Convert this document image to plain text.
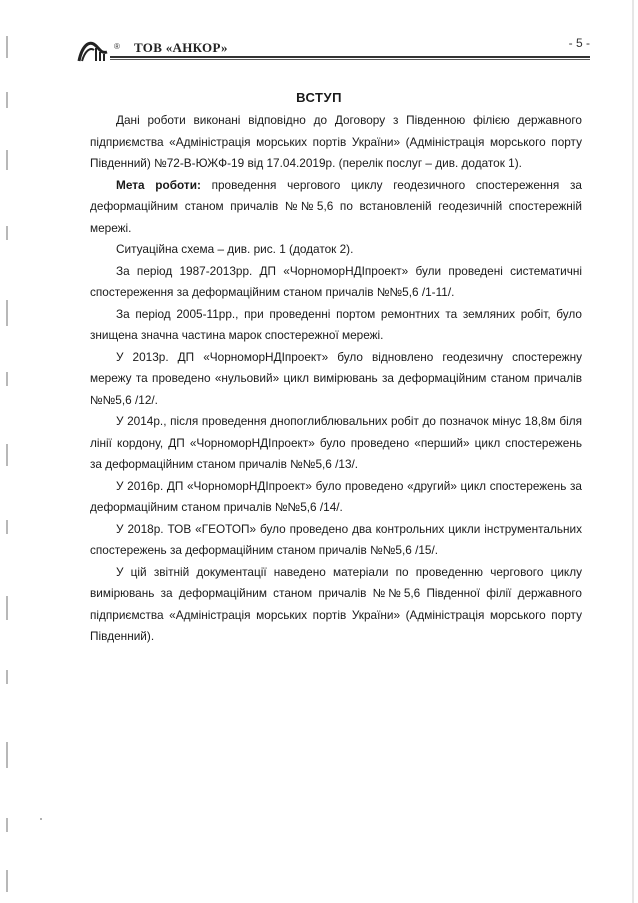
® ТОВ «АНКОР»	- 5 -
ВСТУП

Дані роботи виконані відповідно до Договору з Південною філією державного підприємства «Адміністрація морських портів України» (Адміністрація морського порту Південний) №72-В-ЮЖФ-19 від 17.04.2019р. (перелік послуг – див. додаток 1).

Мета роботи: проведення чергового циклу геодезичного спостереження за деформаційним станом причалів №№5,6 по встановленій геодезичній спостережній мережі.

Ситуаційна схема – див. рис. 1 (додаток 2).

За період 1987-2013рр. ДП «ЧорноморНДІпроект» були проведені систематичні спостереження за деформаційним станом причалів №№5,6 /1-11/.

За період 2005-11рр., при проведенні портом ремонтних та земляних робіт, було знищена значна частина марок спостережної мережі.

У 2013р. ДП «ЧорноморНДІпроект» було відновлено геодезичну спостережну мережу та проведено «нульовий» цикл вимірювань за деформаційним станом причалів №№5,6 /12/.

У 2014р., після проведення днопоглиблювальних робіт до позначок мінус 18,8м біля лінії кордону, ДП «ЧорноморНДІпроект» було проведено «перший» цикл спостережень за деформаційним станом причалів №№5,6 /13/.

У 2016р. ДП «ЧорноморНДІпроект» було проведено «другий» цикл спостережень за деформаційним станом причалів №№5,6 /14/.

У 2018р. ТОВ «ГЕОТОП» було проведено два контрольних цикли інструментальних спостережень за деформаційним станом причалів №№5,6 /15/.

У цій звітній документації наведено матеріали по проведенню чергового циклу вимірювань за деформаційним станом причалів №№5,6 Південної філії державного підприємства «Адміністрація морських портів України» (Адміністрація морського порту Південний).
